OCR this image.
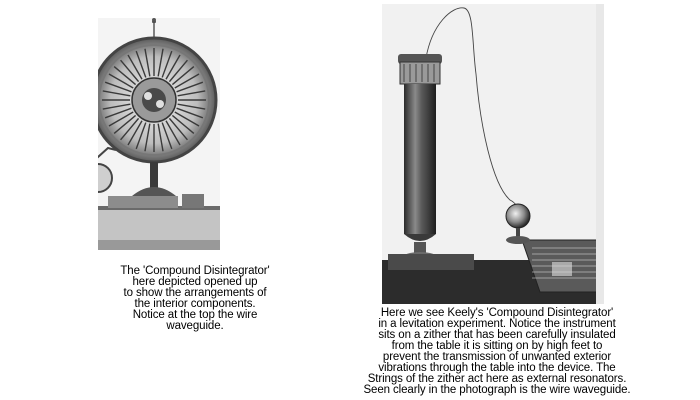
The 'Compound Disintegrator'
here depicted opened up
to show the arrangements of
the interior components.
Notice at the top the wire
waveguide.
Here we see Keely's 'Compound Disintegrator'
in a levitation experiment. Notice the instrument
sits on a zither that has been carefully insulated
from the table it is sitting on by high feet to
prevent the transmission of unwanted exterior
vibrations through the table into the device. The
Strings of the zither act here as external resonators.
Seen clearly in the photograph is the wire waveguide.
